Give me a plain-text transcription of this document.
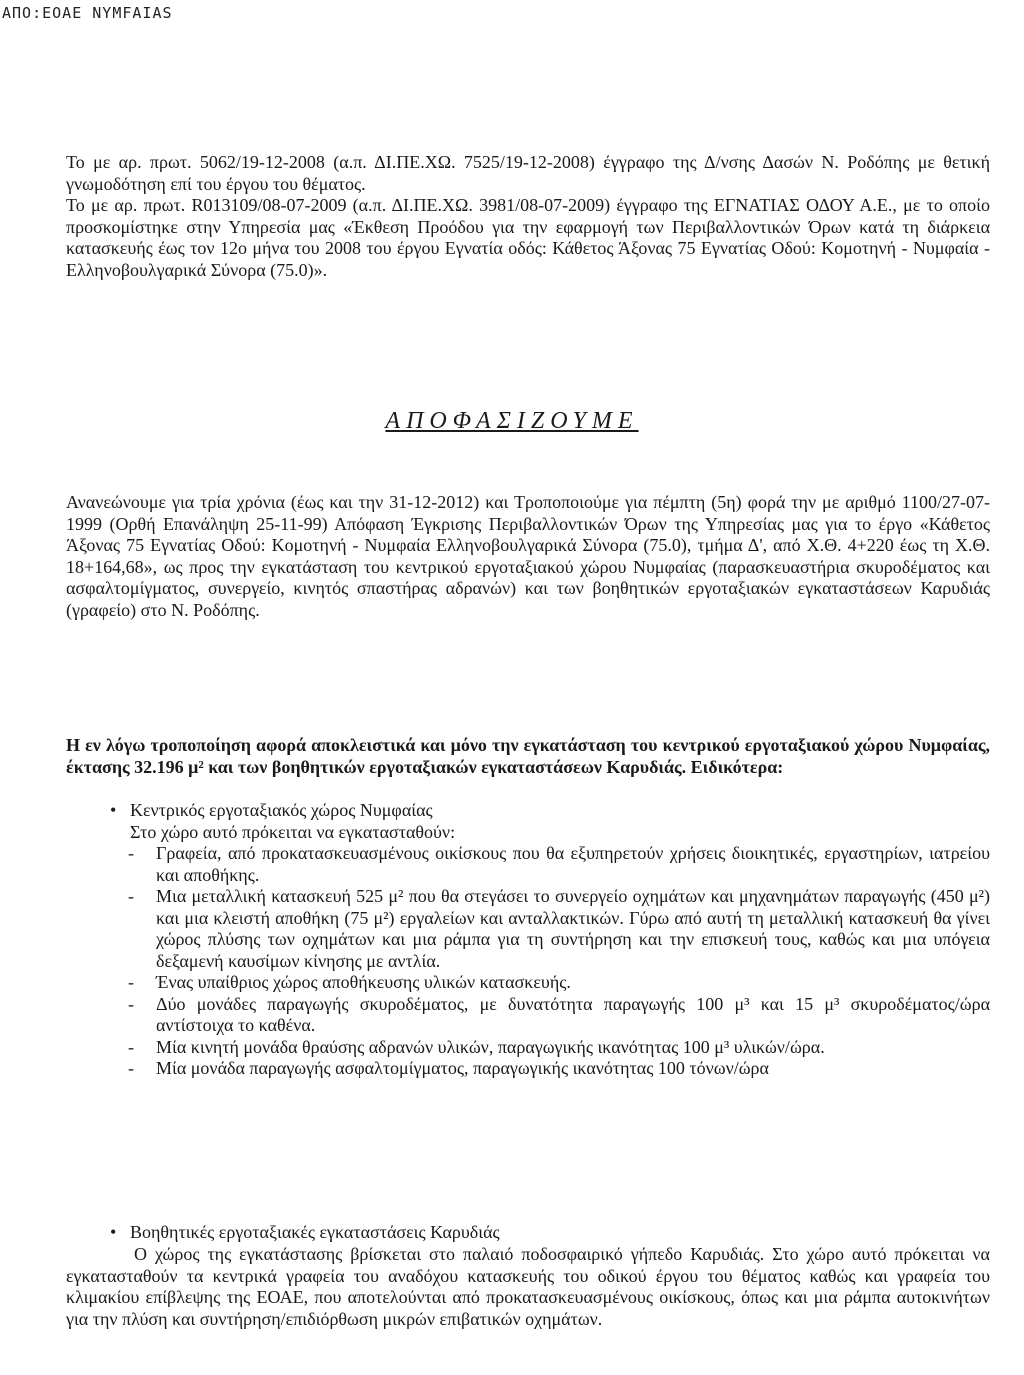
ΑΠΟ:ΕΟΑΕ NYMFAIAS

Το με αρ. πρωτ. 5062/19-12-2008 (α.π. ΔΙ.ΠΕ.ΧΩ. 7525/19-12-2008) έγγραφο της Δ/νσης Δασών Ν. Ροδόπης με θετική γνωμοδότηση επί του έργου του θέματος.

Το με αρ. πρωτ. R013109/08-07-2009 (α.π. ΔΙ.ΠΕ.ΧΩ. 3981/08-07-2009) έγγραφο της ΕΓΝΑΤΙΑΣ ΟΔΟΥ Α.Ε., με το οποίο προσκομίστηκε στην Υπηρεσία μας «Έκθεση Προόδου για την εφαρμογή των Περιβαλλοντικών Όρων κατά τη διάρκεια κατασκευής έως τον 12ο μήνα του 2008 του έργου Εγνατία οδός: Κάθετος Άξονας 75 Εγνατίας Οδού: Κομοτηνή - Νυμφαία - Ελληνοβουλγαρικά Σύνορα (75.0)».

ΑΠΟΦΑΣΙΖΟΥΜΕ

Ανανεώνουμε για τρία χρόνια (έως και την 31-12-2012) και Τροποποιούμε για πέμπτη (5η) φορά την με αριθμό 1100/27-07-1999 (Ορθή Επανάληψη 25-11-99) Απόφαση Έγκρισης Περιβαλλοντικών Όρων της Υπηρεσίας μας για το έργο «Κάθετος Άξονας 75 Εγνατίας Οδού: Κομοτηνή - Νυμφαία Ελληνοβουλγαρικά Σύνορα (75.0), τμήμα Δ', από Χ.Θ. 4+220 έως τη Χ.Θ. 18+164,68», ως προς την εγκατάσταση του κεντρικού εργοταξιακού χώρου Νυμφαίας (παρασκευαστήρια σκυροδέματος και ασφαλτομίγματος, συνεργείο, κινητός σπαστήρας αδρανών) και των βοηθητικών εργοταξιακών εγκαταστάσεων Καρυδιάς (γραφείο) στο Ν. Ροδόπης.

Η εν λόγω τροποποίηση αφορά αποκλειστικά και μόνο την εγκατάσταση του κεντρικού εργοταξιακού χώρου Νυμφαίας, έκτασης 32.196 μ² και των βοηθητικών εργοταξιακών εγκαταστάσεων Καρυδιάς. Ειδικότερα:

• Κεντρικός εργοταξιακός χώρος Νυμφαίας

Στο χώρο αυτό πρόκειται να εγκατασταθούν:

- Γραφεία, από προκατασκευασμένους οικίσκους που θα εξυπηρετούν χρήσεις διοικητικές, εργαστηρίων, ιατρείου και αποθήκης.
- Μια μεταλλική κατασκευή 525 μ² που θα στεγάσει το συνεργείο οχημάτων και μηχανημάτων παραγωγής (450 μ²) και μια κλειστή αποθήκη (75 μ²) εργαλείων και ανταλλακτικών. Γύρω από αυτή τη μεταλλική κατασκευή θα γίνει χώρος πλύσης των οχημάτων και μια ράμπα για τη συντήρηση και την επισκευή τους, καθώς και μια υπόγεια δεξαμενή καυσίμων κίνησης με αντλία.
- Ένας υπαίθριος χώρος αποθήκευσης υλικών κατασκευής.
- Δύο μονάδες παραγωγής σκυροδέματος, με δυνατότητα παραγωγής 100 μ³ και 15 μ³ σκυροδέματος/ώρα αντίστοιχα το καθένα.
- Μία κινητή μονάδα θραύσης αδρανών υλικών, παραγωγικής ικανότητας 100 μ³ υλικών/ώρα.
- Μία μονάδα παραγωγής ασφαλτομίγματος, παραγωγικής ικανότητας 100 τόνων/ώρα

• Βοηθητικές εργοταξιακές εγκαταστάσεις Καρυδιάς

Ο χώρος της εγκατάστασης βρίσκεται στο παλαιό ποδοσφαιρικό γήπεδο Καρυδιάς. Στο χώρο αυτό πρόκειται να εγκατασταθούν τα κεντρικά γραφεία του αναδόχου κατασκευής του οδικού έργου του θέματος καθώς και γραφεία του κλιμακίου επίβλεψης της ΕΟΑΕ, που αποτελούνται από προκατασκευασμένους οικίσκους, όπως και μια ράμπα αυτοκινήτων για την πλύση και συντήρηση/επιδιόρθωση μικρών επιβατικών οχημάτων.
